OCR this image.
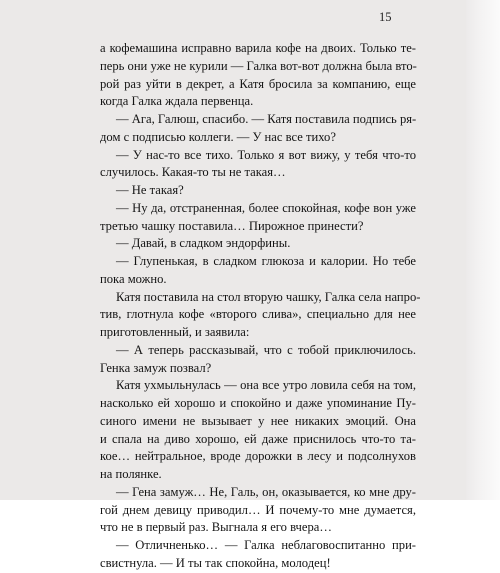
15
а кофемашина исправно варила кофе на двоих. Только те-
перь они уже не курили — Галка вот-вот должна была вто-
рой раз уйти в декрет, а Катя бросила за компанию, еще
когда Галка ждала первенца.
— Ага, Галюш, спасибо. — Катя поставила подпись ря-
дом с подписью коллеги. — У нас все тихо?
— У нас-то все тихо. Только я вот вижу, у тебя что-то
случилось. Какая-то ты не такая…
— Не такая?
— Ну да, отстраненная, более спокойная, кофе вон уже
третью чашку поставила… Пирожное принести?
— Давай, в сладком эндорфины.
— Глупенькая, в сладком глюкоза и калории. Но тебе
пока можно.
Катя поставила на стол вторую чашку, Галка села напро-
тив, глотнула кофе «второго слива», специально для нее
приготовленный, и заявила:
— А теперь рассказывай, что с тобой приключилось.
Генка замуж позвал?
Катя ухмыльнулась — она все утро ловила себя на том,
насколько ей хорошо и спокойно и даже упоминание Пу-
синого имени не вызывает у нее никаких эмоций. Она
и спала на диво хорошо, ей даже приснилось что-то та-
кое… нейтральное, вроде дорожки в лесу и подсолнухов
на полянке.
— Гена замуж… Не, Галь, он, оказывается, ко мне дру-
гой днем девицу приводил… И почему-то мне думается,
что не в первый раз. Выгнала я его вчера…
— Отличненько… — Галка неблаговоспитанно при-
свистнула. — И ты так спокойна, молодец!
